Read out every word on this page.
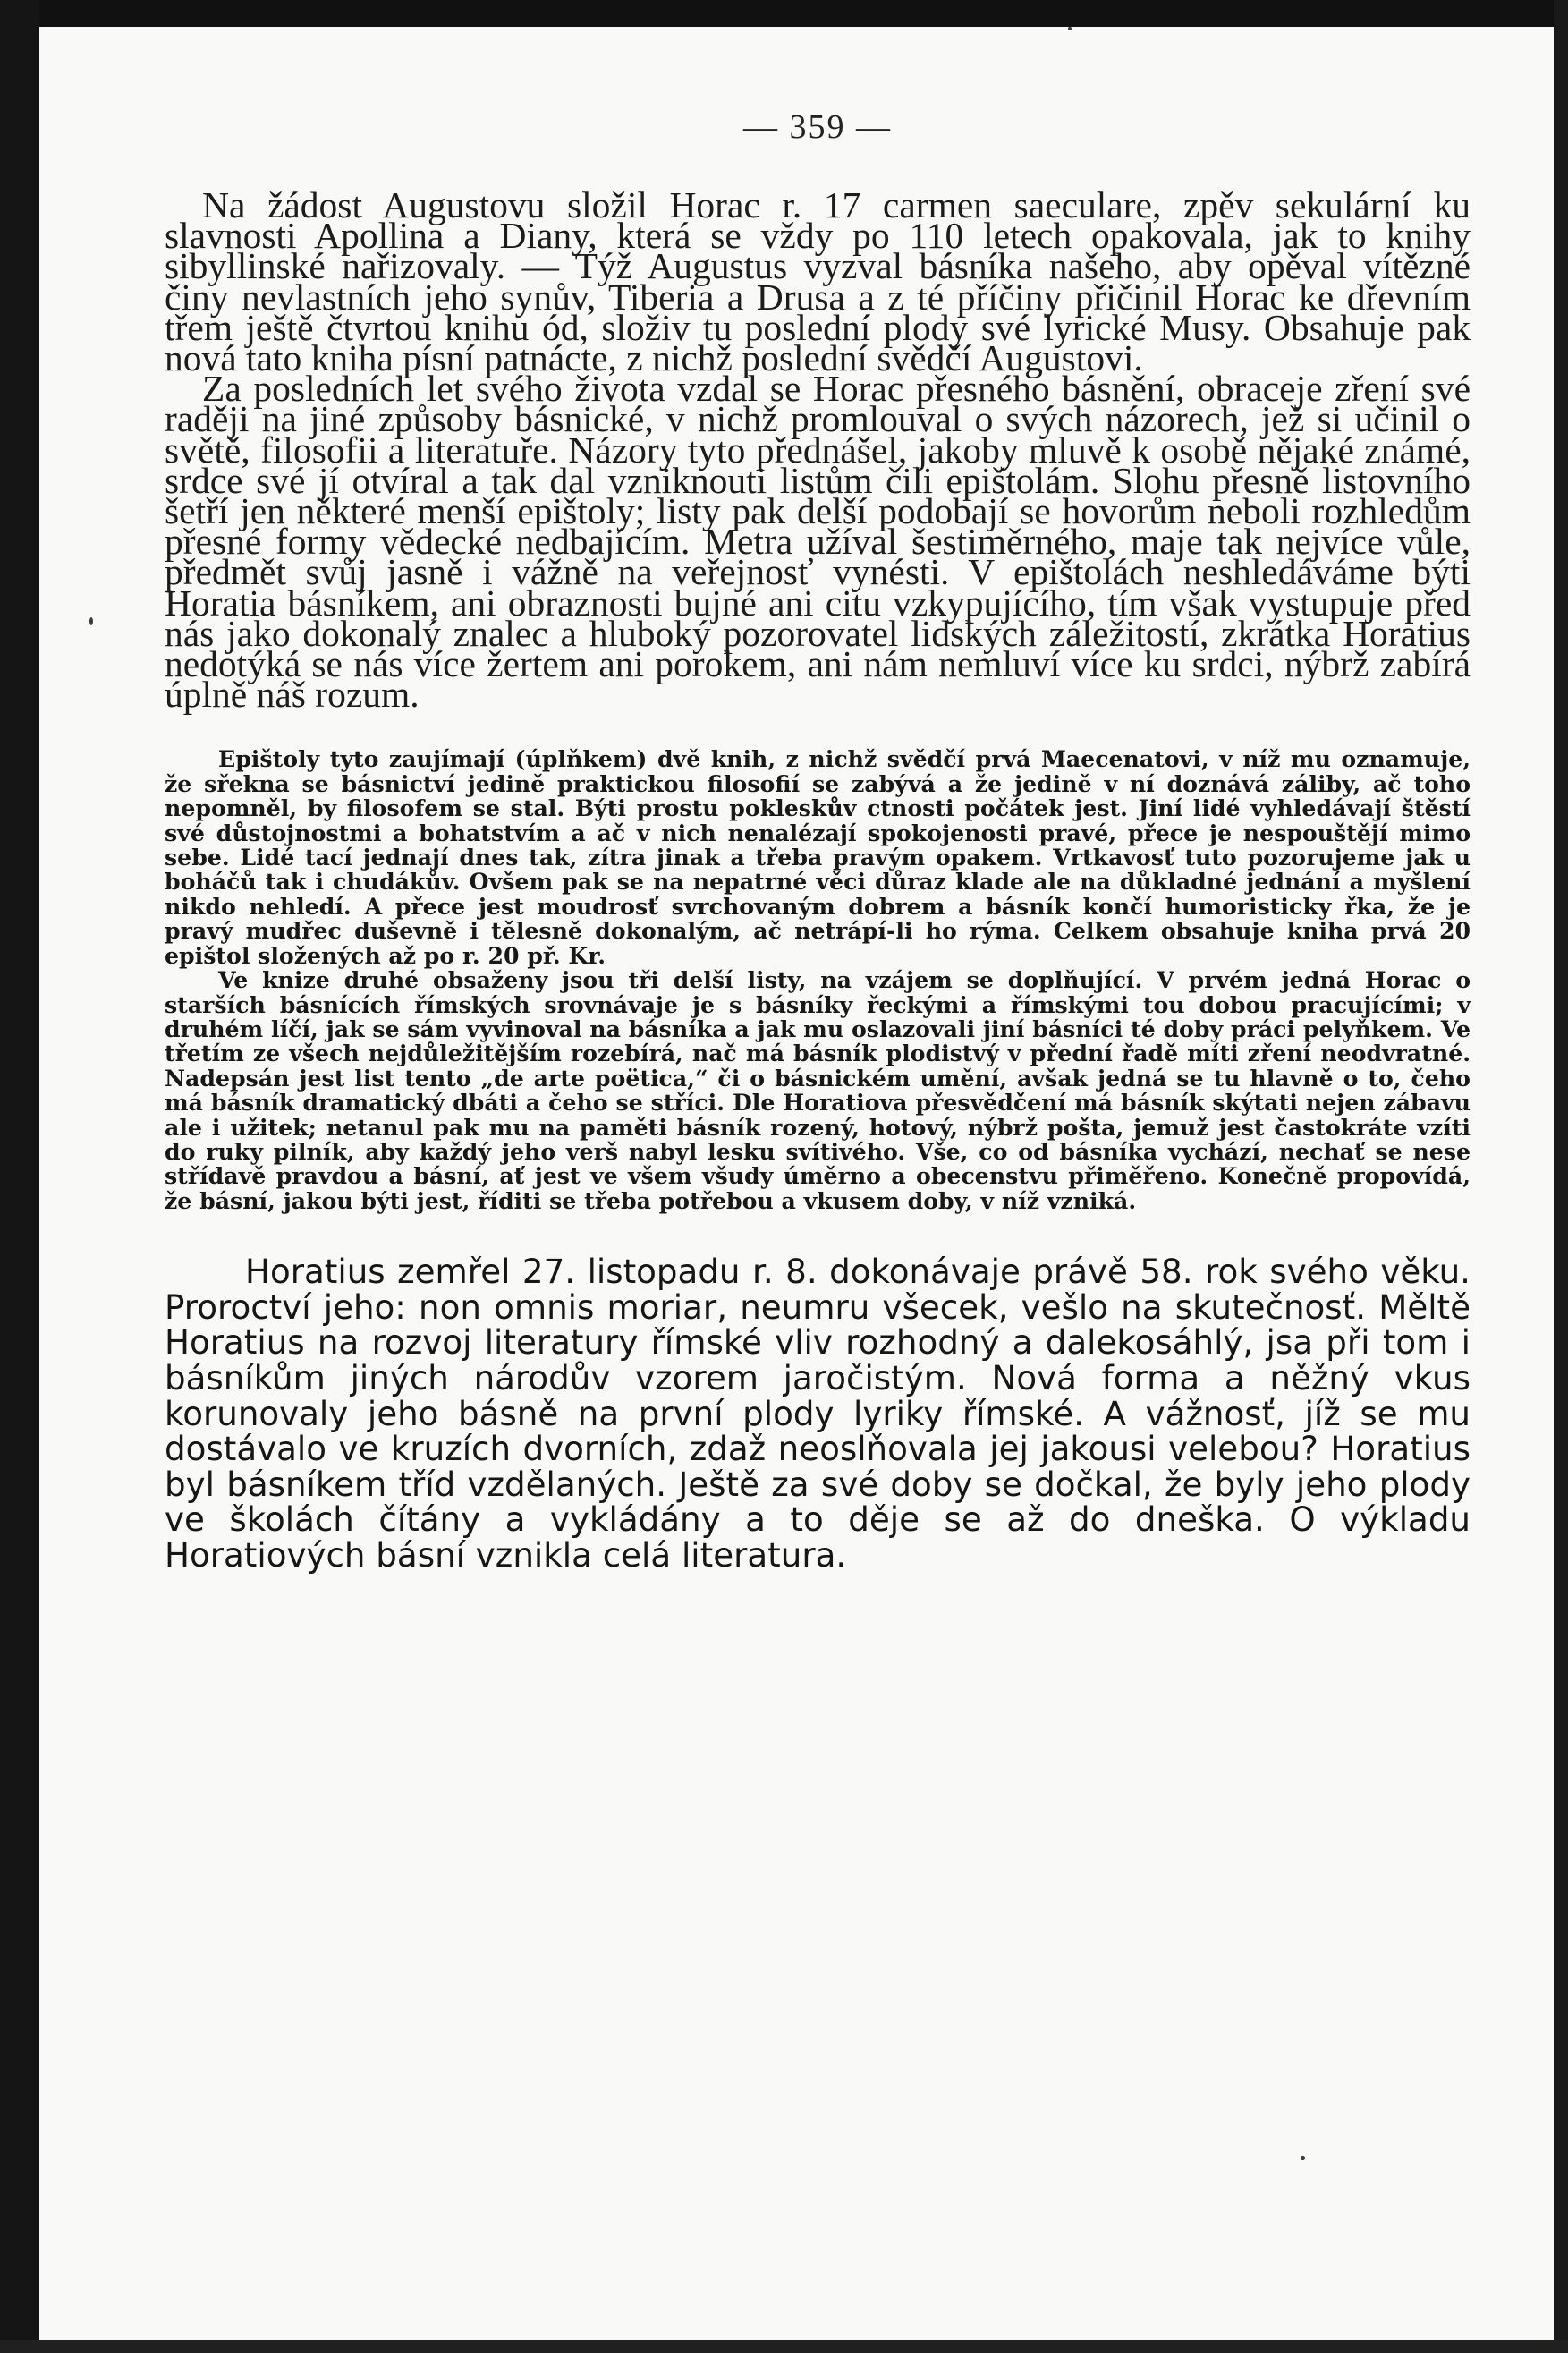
— 359 —

Na žádost Augustovu složil Horac r. 17 carmen saeculare, zpěv sekulární ku slavnosti Apollina a Diany, která se vždy po 110 letech opakovala, jak to knihy sibyllinské nařizovaly. — Týž Augustus vyzval básníka našeho, aby opěval vítězné činy nevlastních jeho synův, Tiberia a Drusa a z té příčiny přičinil Horac ke dřevním třem ještě čtvrtou knihu ód, složiv tu poslední plody své lyrické Musy. Obsahuje pak nová tato kniha písní patnácte, z nichž poslední svědčí Augustovi.

Za posledních let svého života vzdal se Horac přesného básnění, obraceje zření své raději na jiné způsoby básnické, v nichž promlouval o svých názorech, jež si učinil o světě, filosofii a literatuře. Názory tyto přednášel, jakoby mluvě k osobě nějaké známé, srdce své jí otvíral a tak dal vzniknouti listům čili epištolám. Slohu přesně listovního šetří jen některé menší epištoly; listy pak delší podobají se hovorům neboli rozhledům přesné formy vědecké nedbajícím. Metra užíval šestiměrného, maje tak nejvíce vůle, předmět svůj jasně i vážně na veřejnosť vynésti. V epištolách neshledáváme býti Horatia básníkem, ani obraznosti bujné ani citu vzkypujícího, tím však vystupuje před nás jako dokonalý znalec a hluboký pozorovatel lidských záležitostí, zkrátka Horatius nedotýká se nás více žertem ani porokem, ani nám nemluví více ku srdci, nýbrž zabírá úplně náš rozum.

Epištoly tyto zaujímají (úplňkem) dvě knih, z nichž svědčí prvá Maecenatovi, v níž mu oznamuje, že sřekna se básnictví jedině praktickou filosofií se zabývá a že jedině v ní doznává záliby, ač toho nepomněl, by filosofem se stal. Býti prostu pokleskův ctnosti počátek jest. Jiní lidé vyhledávají štěstí své důstojnostmi a bohatstvím a ač v nich nenalézají spokojenosti pravé, přece je nespouštějí mimo sebe. Lidé tací jednají dnes tak, zítra jinak a třeba pravým opakem. Vrtkavosť tuto pozorujeme jak u boháčů tak i chudákův. Ovšem pak se na nepatrné věci důraz klade ale na důkladné jednání a myšlení nikdo nehledí. A přece jest moudrosť svrchovaným dobrem a básník končí humoristicky řka, že je pravý mudřec duševně i tělesně dokonalým, ač netrápí-li ho rýma. Celkem obsahuje kniha prvá 20 epištol složených až po r. 20 př. Kr.

Ve knize druhé obsaženy jsou tři delší listy, na vzájem se doplňující. V prvém jedná Horac o starších básnících římských srovnávaje je s básníky řeckými a římskými tou dobou pracujícími; v druhém líčí, jak se sám vyvinoval na básníka a jak mu oslazovali jiní básníci té doby práci pelyňkem. Ve třetím ze všech nejdůležitějším rozebírá, nač má básník plodistvý v přední řadě míti zření neodvratné. Nadepsán jest list tento „de arte poëtica,“ či o básnickém umění, avšak jedná se tu hlavně o to, čeho má básník dramatický dbáti a čeho se stříci. Dle Horatiova přesvědčení má básník skýtati nejen zábavu ale i užitek; netanul pak mu na paměti básník rozený, hotový, nýbrž pošta, jemuž jest častokráte vzíti do ruky pilník, aby každý jeho verš nabyl lesku svítivého. Vše, co od básníka vychází, nechať se nese střídavě pravdou a básní, ať jest ve všem všudy úměrno a obecenstvu přiměřeno. Konečně propovídá, že básní, jakou býti jest, říditi se třeba potřebou a vkusem doby, v níž vzniká.

Horatius zemřel 27. listopadu r. 8. dokonávaje právě 58. rok svého věku. Proroctví jeho: non omnis moriar, neumru všecek, vešlo na skutečnosť. Měltě Horatius na rozvoj literatury římské vliv rozhodný a dalekosáhlý, jsa při tom i básníkům jiných národův vzorem jaročistým. Nová forma a něžný vkus korunovaly jeho básně na první plody lyriky římské. A vážnosť, jíž se mu dostávalo ve kruzích dvorních, zdaž neoslňovala jej jakousi velebou? Horatius byl básníkem tříd vzdělaných. Ještě za své doby se dočkal, že byly jeho plody ve školách čítány a vykládány a to děje se až do dneška. O výkladu Horatiových básní vznikla celá literatura.
